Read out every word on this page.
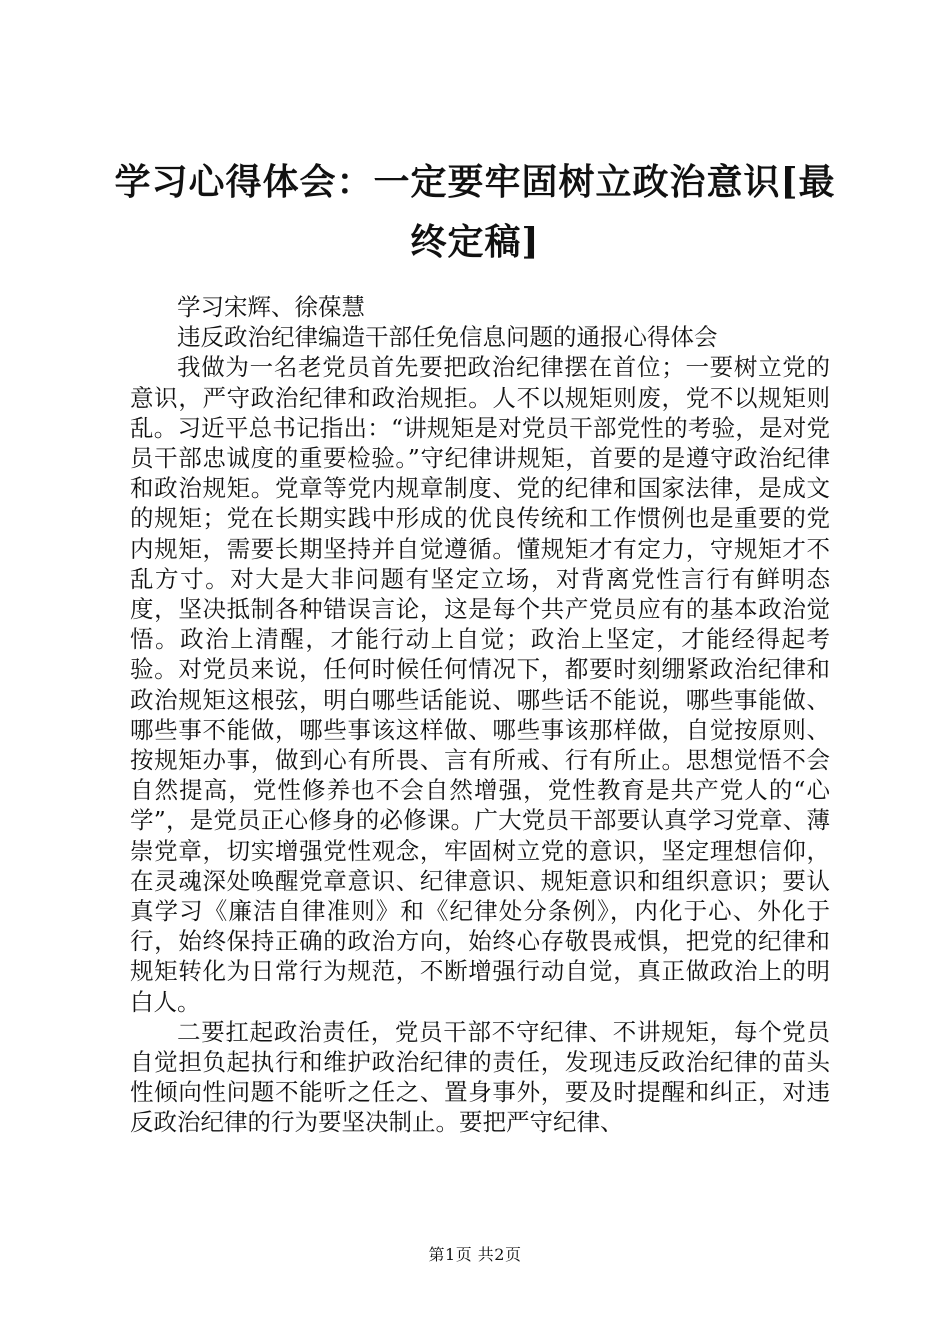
学习心得体会：一定要牢固树立政治意识[最
终定稿]

学习宋辉、徐葆慧

违反政治纪律编造干部任免信息问题的通报心得体会

我做为一名老党员首先要把政治纪律摆在首位；一要树立党的意识，严守政治纪律和政治规拒。人不以规矩则废，党不以规矩则乱。习近平总书记指出：“讲规矩是对党员干部党性的考验，是对党员干部忠诚度的重要检验。”守纪律讲规矩，首要的是遵守政治纪律和政治规矩。党章等党内规章制度、党的纪律和国家法律，是成文的规矩；党在长期实践中形成的优良传统和工作惯例也是重要的党内规矩，需要长期坚持并自觉遵循。懂规矩才有定力，守规矩才不乱方寸。对大是大非问题有坚定立场，对背离党性言行有鲜明态度，坚决抵制各种错误言论，这是每个共产党员应有的基本政治觉悟。政治上清醒，才能行动上自觉；政治上坚定，才能经得起考验。对党员来说，任何时候任何情况下，都要时刻绷紧政治纪律和政治规矩这根弦，明白哪些话能说、哪些话不能说，哪些事能做、哪些事不能做，哪些事该这样做、哪些事该那样做，自觉按原则、按规矩办事，做到心有所畏、言有所戒、行有所止。思想觉悟不会自然提高，党性修养也不会自然增强，党性教育是共产党人的“心学”，是党员正心修身的必修课。广大党员干部要认真学习党章、薄崇党章，切实增强党性观念，牢固树立党的意识，坚定理想信仰，在灵魂深处唤醒党章意识、纪律意识、规矩意识和组织意识；要认真学习《廉洁自律准则》和《纪律处分条例》，内化于心、外化于行，始终保持正确的政治方向，始终心存敬畏戒惧，把党的纪律和规矩转化为日常行为规范，不断增强行动自觉，真正做政治上的明白人。

二要扛起政治责任，党员干部不守纪律、不讲规矩，每个党员自觉担负起执行和维护政治纪律的责任，发现违反政治纪律的苗头性倾向性问题不能听之任之、置身事外，要及时提醒和纠正，对违反政治纪律的行为要坚决制止。要把严守纪律、

第1页 共2页
